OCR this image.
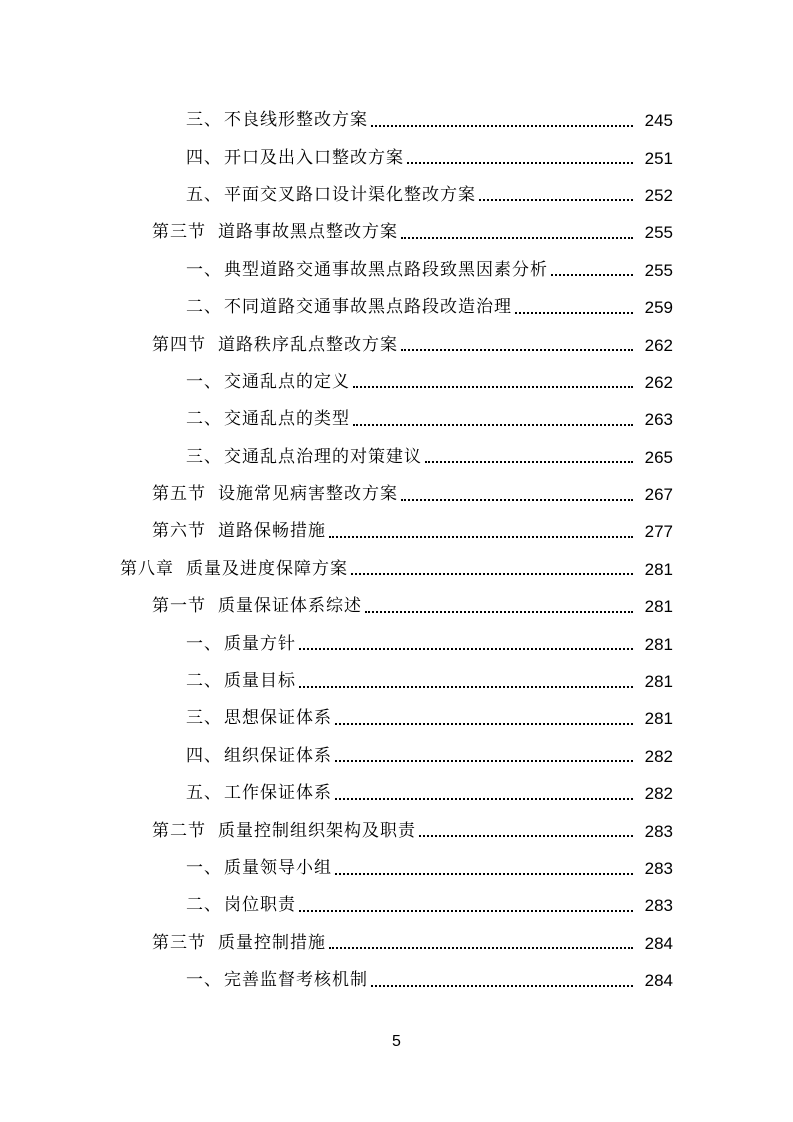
三、 不良线形整改方案	245
四、 开口及出入口整改方案	251
五、 平面交叉路口设计渠化整改方案	252
第三节 道路事故黑点整改方案	255
一、 典型道路交通事故黑点路段致黑因素分析	255
二、 不同道路交通事故黑点路段改造治理	259
第四节 道路秩序乱点整改方案	262
一、 交通乱点的定义	262
二、 交通乱点的类型	263
三、 交通乱点治理的对策建议	265
第五节 设施常见病害整改方案	267
第六节 道路保畅措施	277
第八章 质量及进度保障方案	281
第一节 质量保证体系综述	281
一、 质量方针	281
二、 质量目标	281
三、 思想保证体系	281
四、 组织保证体系	282
五、 工作保证体系	282
第二节 质量控制组织架构及职责	283
一、 质量领导小组	283
二、 岗位职责	283
第三节 质量控制措施	284
一、 完善监督考核机制	284
5
